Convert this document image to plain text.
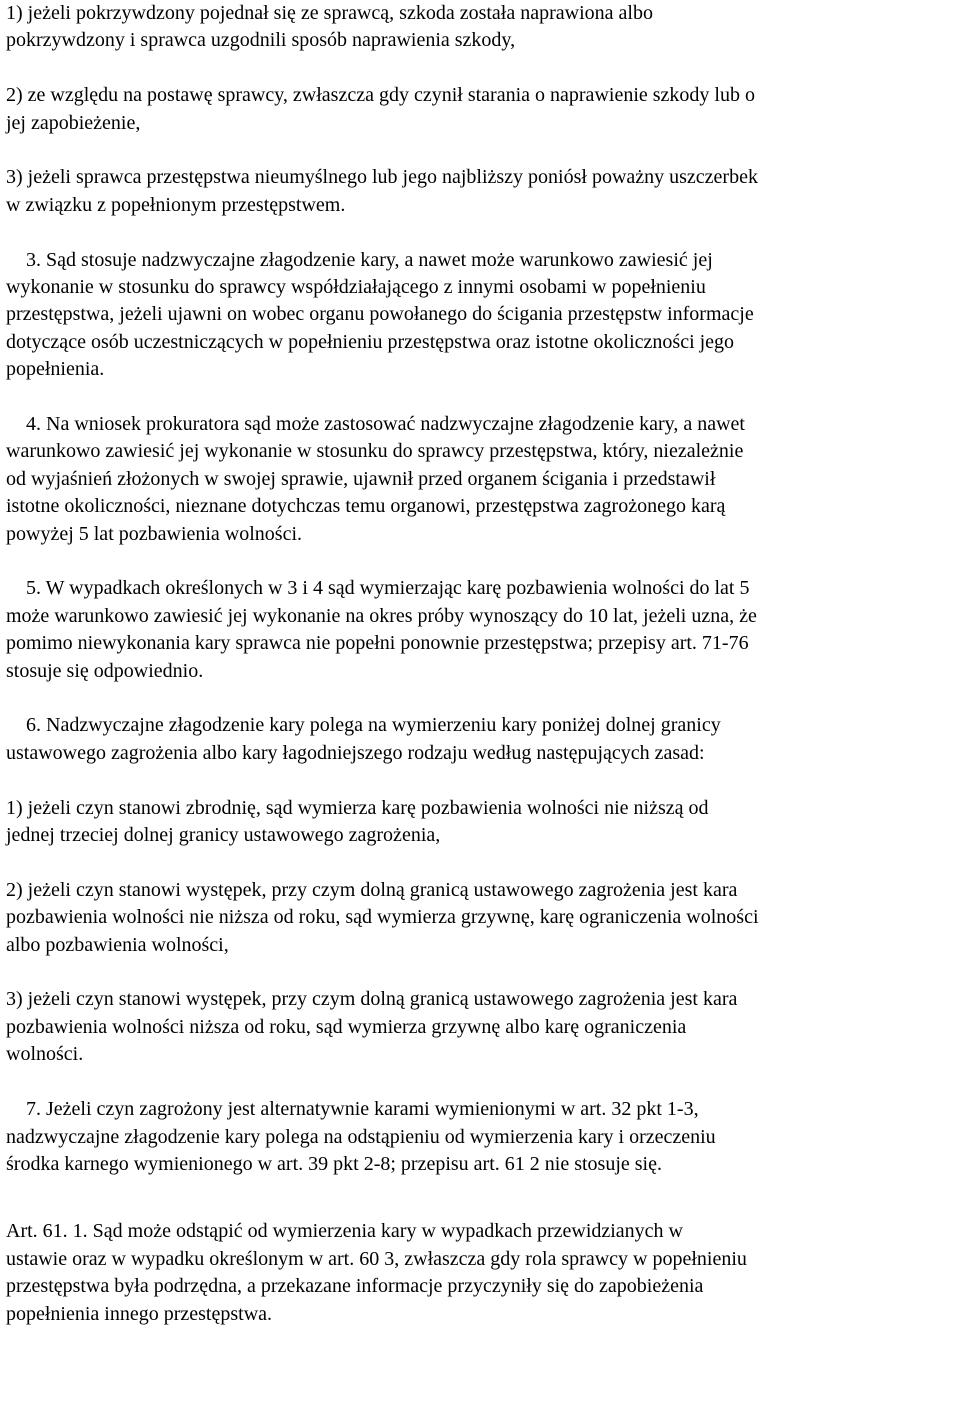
1) jeżeli pokrzywdzony pojednał się ze sprawcą, szkoda została naprawiona albo
pokrzywdzony i sprawca uzgodnili sposób naprawienia szkody,

2) ze względu na postawę sprawcy, zwłaszcza gdy czynił starania o naprawienie szkody lub o
jej zapobieżenie,

3) jeżeli sprawca przestępstwa nieumyślnego lub jego najbliższy poniósł poważny uszczerbek
w związku z popełnionym przestępstwem.

3. Sąd stosuje nadzwyczajne złagodzenie kary, a nawet może warunkowo zawiesić jej
wykonanie w stosunku do sprawcy współdziałającego z innymi osobami w popełnieniu
przestępstwa, jeżeli ujawni on wobec organu powołanego do ścigania przestępstw informacje
dotyczące osób uczestniczących w popełnieniu przestępstwa oraz istotne okoliczności jego
popełnienia.

4. Na wniosek prokuratora sąd może zastosować nadzwyczajne złagodzenie kary, a nawet
warunkowo zawiesić jej wykonanie w stosunku do sprawcy przestępstwa, który, niezależnie
od wyjaśnień złożonych w swojej sprawie, ujawnił przed organem ścigania i przedstawił
istotne okoliczności, nieznane dotychczas temu organowi, przestępstwa zagrożonego karą
powyżej 5 lat pozbawienia wolności.

5. W wypadkach określonych w 3 i 4 sąd wymierzając karę pozbawienia wolności do lat 5
może warunkowo zawiesić jej wykonanie na okres próby wynoszący do 10 lat, jeżeli uzna, że
pomimo niewykonania kary sprawca nie popełni ponownie przestępstwa; przepisy art. 71-76
stosuje się odpowiednio.

6. Nadzwyczajne złagodzenie kary polega na wymierzeniu kary poniżej dolnej granicy
ustawowego zagrożenia albo kary łagodniejszego rodzaju według następujących zasad:

1) jeżeli czyn stanowi zbrodnię, sąd wymierza karę pozbawienia wolności nie niższą od
jednej trzeciej dolnej granicy ustawowego zagrożenia,

2) jeżeli czyn stanowi występek, przy czym dolną granicą ustawowego zagrożenia jest kara
pozbawienia wolności nie niższa od roku, sąd wymierza grzywnę, karę ograniczenia wolności
albo pozbawienia wolności,

3) jeżeli czyn stanowi występek, przy czym dolną granicą ustawowego zagrożenia jest kara
pozbawienia wolności niższa od roku, sąd wymierza grzywnę albo karę ograniczenia
wolności.

7. Jeżeli czyn zagrożony jest alternatywnie karami wymienionymi w art. 32 pkt 1-3,
nadzwyczajne złagodzenie kary polega na odstąpieniu od wymierzenia kary i orzeczeniu
środka karnego wymienionego w art. 39 pkt 2-8; przepisu art. 61 2 nie stosuje się.

Art. 61. 1. Sąd może odstąpić od wymierzenia kary w wypadkach przewidzianych w
ustawie oraz w wypadku określonym w art. 60 3, zwłaszcza gdy rola sprawcy w popełnieniu
przestępstwa była podrzędna, a przekazane informacje przyczyniły się do zapobieżenia
popełnienia innego przestępstwa.
